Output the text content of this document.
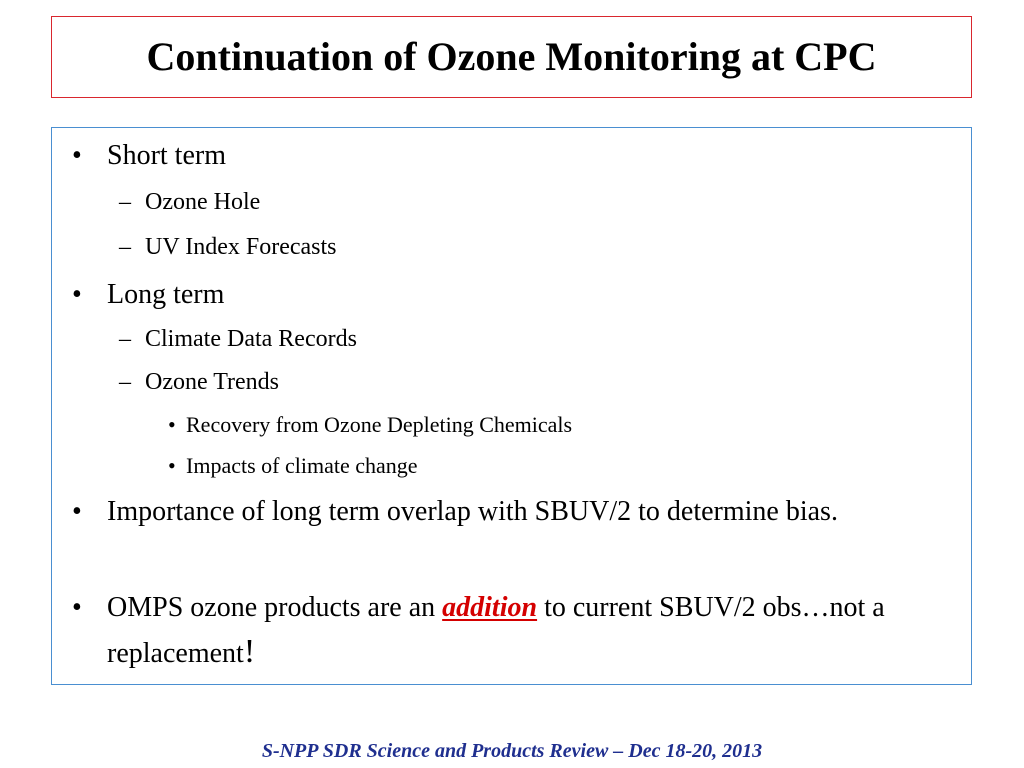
Continuation of Ozone Monitoring at CPC
• Short term
– Ozone Hole
– UV Index Forecasts
• Long term
– Climate Data Records
– Ozone Trends
• Recovery from Ozone Depleting Chemicals
• Impacts of climate change
• Importance of long term overlap with SBUV/2 to determine bias.
• OMPS ozone products are an addition to current SBUV/2 obs…not a replacement!
S-NPP SDR Science and Products Review – Dec 18-20, 2013
